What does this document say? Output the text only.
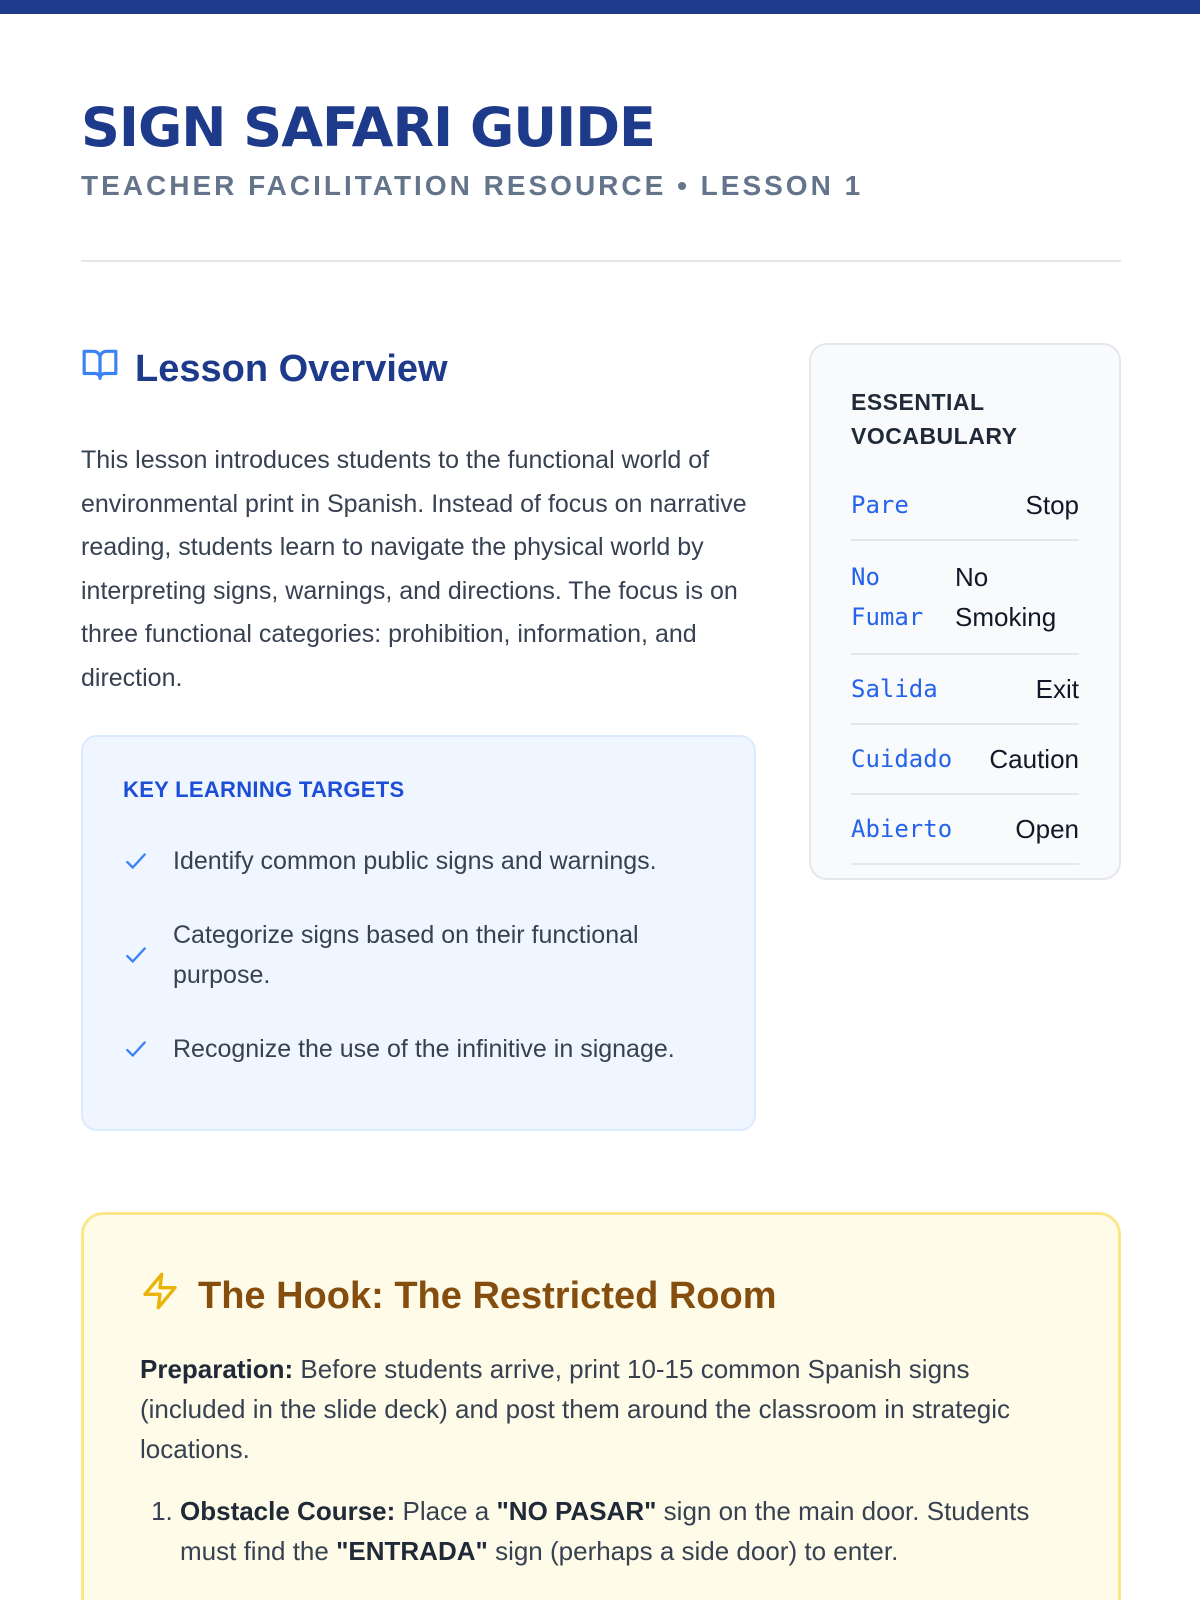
SIGN SAFARI GUIDE
TEACHER FACILITATION RESOURCE • LESSON 1
Lesson Overview

This lesson introduces students to the functional world of environmental print in Spanish. Instead of focus on narrative reading, students learn to navigate the physical world by interpreting signs, warnings, and directions. The focus is on three functional categories: prohibition, information, and direction.

KEY LEARNING TARGETS
Identify common public signs and warnings.
Categorize signs based on their functional purpose.
Recognize the use of the infinitive in signage.
ESSENTIAL VOCABULARY
Pare	Stop
No Fumar
No Smoking
Salida	Exit
Cuidado Caution
Abierto Open
The Hook: The Restricted Room

Preparation: Before students arrive, print 10-15 common Spanish signs (included in the slide deck) and post them around the classroom in strategic locations.

1. Obstacle Course: Place a "NO PASAR" sign on the main door. Students must find the "ENTRADA" sign (perhaps a side door) to enter.
